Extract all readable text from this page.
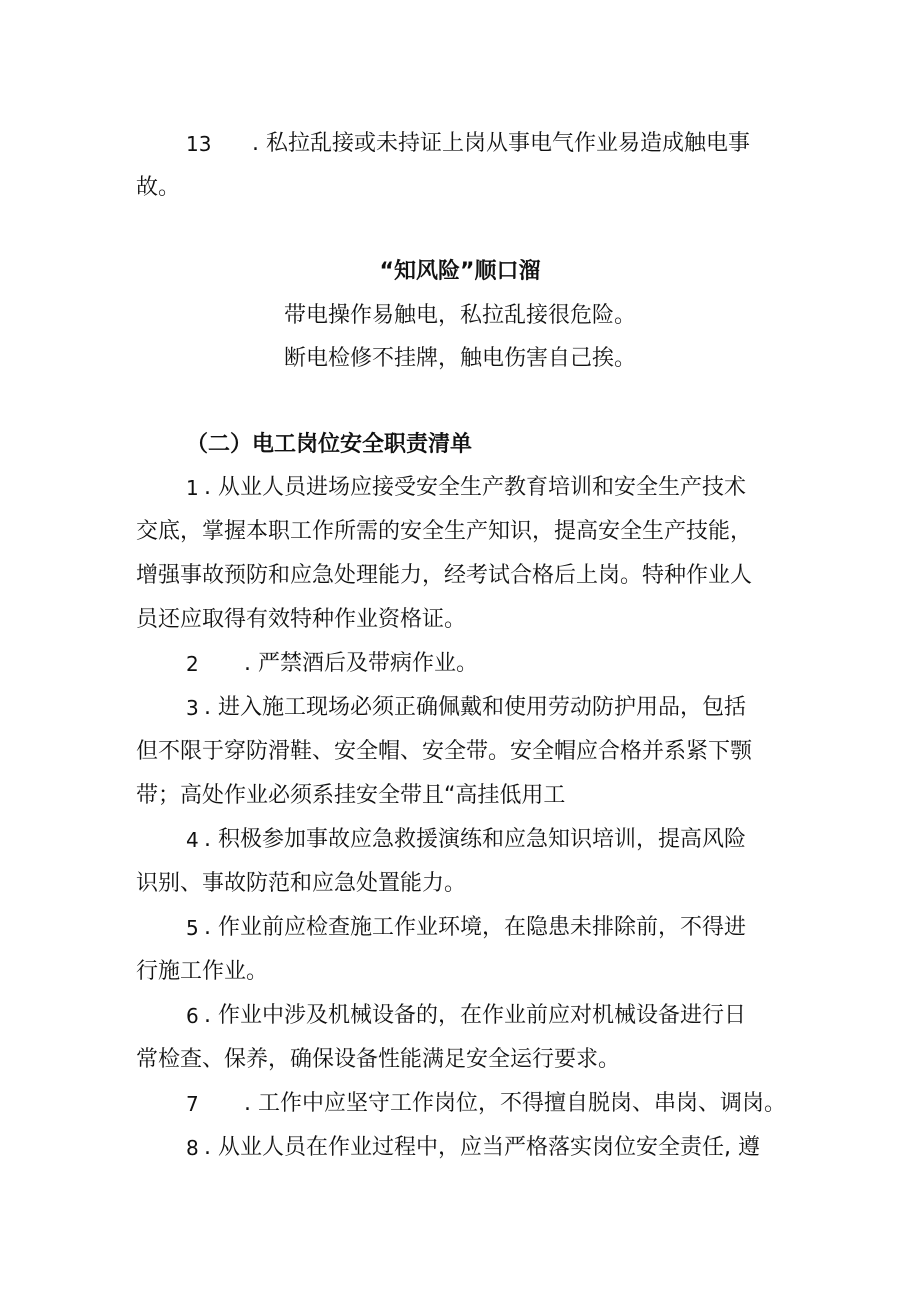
13 . 私拉乱接或未持证上岗从事电气作业易造成触电事
故。
“知风险”顺口溜
带电操作易触电，私拉乱接很危险。
断电检修不挂牌，触电伤害自己挨。
（二）电工岗位安全职责清单
1 . 从业人员进场应接受安全生产教育培训和安全生产技术
交底，掌握本职工作所需的安全生产知识，提高安全生产技能，
增强事故预防和应急处理能力，经考试合格后上岗。特种作业人
员还应取得有效特种作业资格证。
2 . 严禁酒后及带病作业。
3 . 进入施工现场必须正确佩戴和使用劳动防护用品，包括
但不限于穿防滑鞋、安全帽、安全带。安全帽应合格并系紧下颚
带；高处作业必须系挂安全带且“高挂低用工
4 . 积极参加事故应急救援演练和应急知识培训，提高风险
识别、事故防范和应急处置能力。
5 . 作业前应检查施工作业环境，在隐患未排除前，不得进
行施工作业。
6 . 作业中涉及机械设备的，在作业前应对机械设备进行日
常检查、保养，确保设备性能满足安全运行要求。
7 . 工作中应坚守工作岗位，不得擅自脱岗、串岗、调岗。
8 . 从业人员在作业过程中，应当严格落实岗位安全责任, 遵
